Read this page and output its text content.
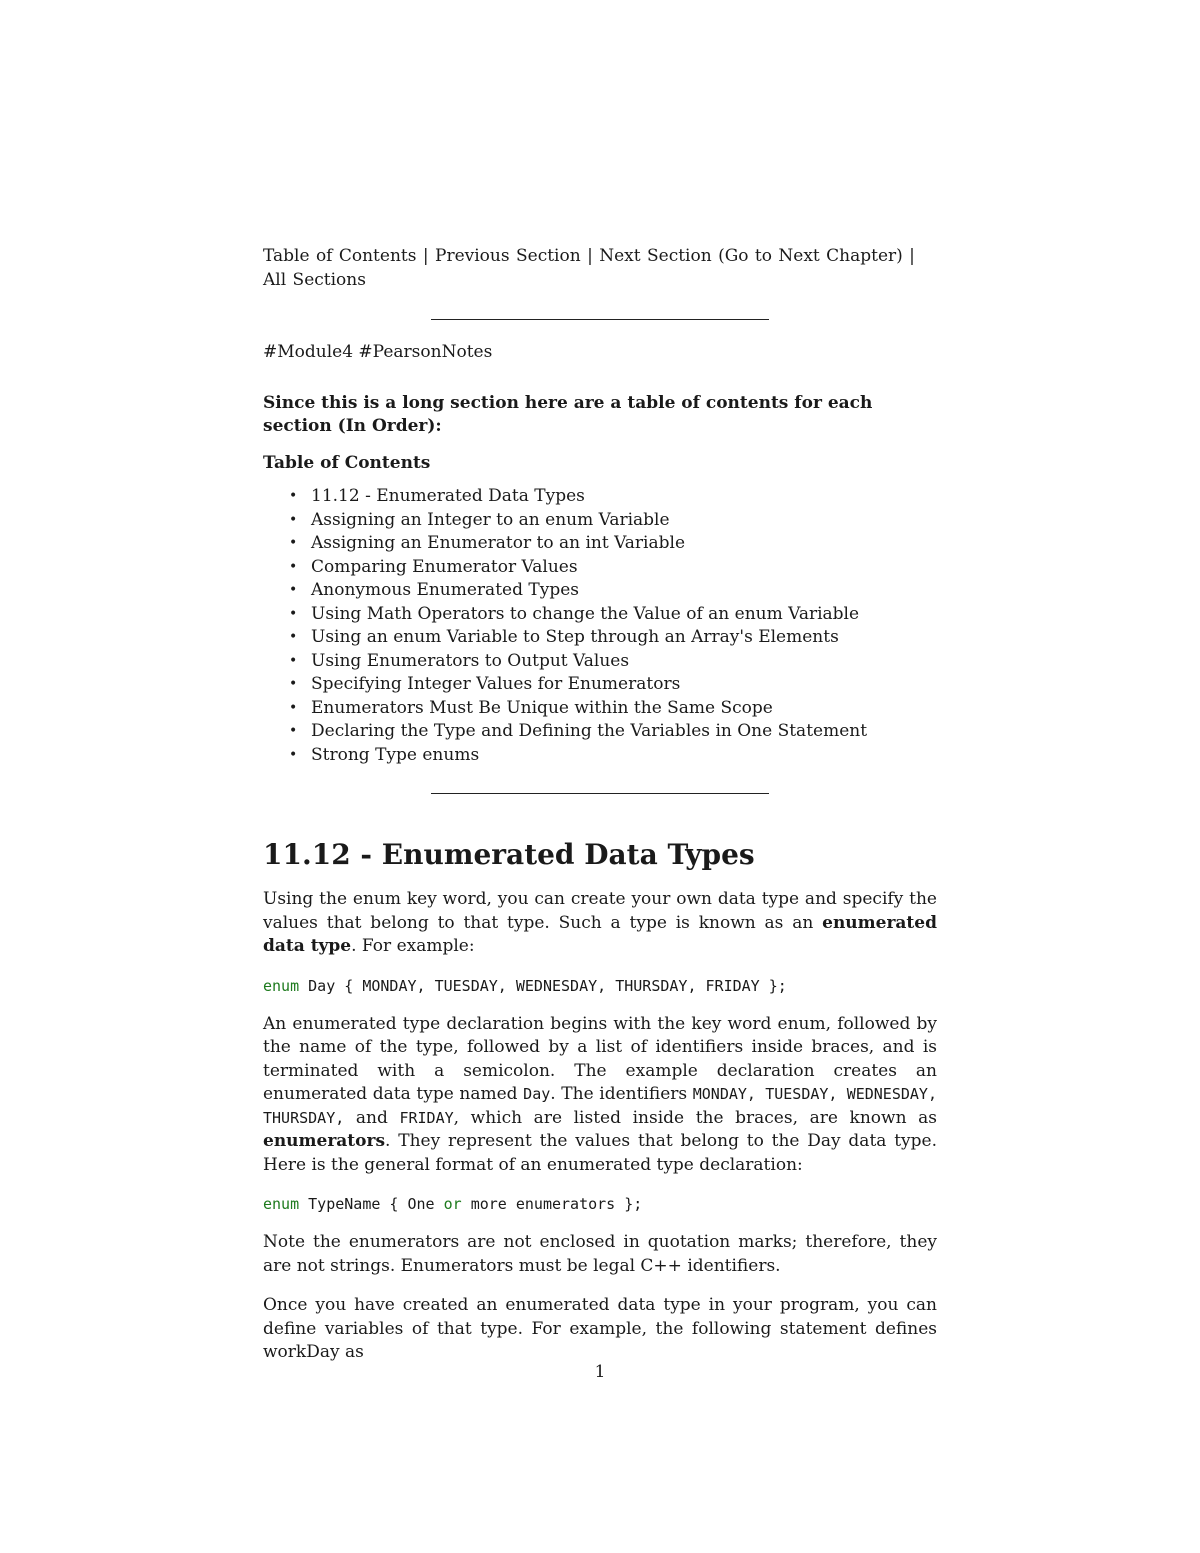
Table of Contents | Previous Section | Next Section (Go to Next Chapter) | All Sections

#Module4 #PearsonNotes

Since this is a long section here are a table of contents for each section (In Order):

Table of Contents

• 11.12 - Enumerated Data Types
• Assigning an Integer to an enum Variable
• Assigning an Enumerator to an int Variable
• Comparing Enumerator Values
• Anonymous Enumerated Types
• Using Math Operators to change the Value of an enum Variable
• Using an enum Variable to Step through an Array's Elements
• Using Enumerators to Output Values
• Specifying Integer Values for Enumerators
• Enumerators Must Be Unique within the Same Scope
• Declaring the Type and Defining the Variables in One Statement
• Strong Type enums
11.12 - Enumerated Data Types

Using the enum key word, you can create your own data type and specify the values that belong to that type. Such a type is known as an enumerated data type. For example:

enum Day { MONDAY, TUESDAY, WEDNESDAY, THURSDAY, FRIDAY };

An enumerated type declaration begins with the key word enum, followed by the name of the type, followed by a list of identifiers inside braces, and is terminated with a semicolon. The example declaration creates an enumerated data type named Day. The identifiers MONDAY, TUESDAY, WEDNESDAY, THURSDAY, and FRIDAY, which are listed inside the braces, are known as enumerators. They represent the values that belong to the Day data type. Here is the general format of an enumerated type declaration:

enum TypeName { One or more enumerators };

Note the enumerators are not enclosed in quotation marks; therefore, they are not strings. Enumerators must be legal C++ identifiers.

Once you have created an enumerated data type in your program, you can define variables of that type. For example, the following statement defines workDay as

1
